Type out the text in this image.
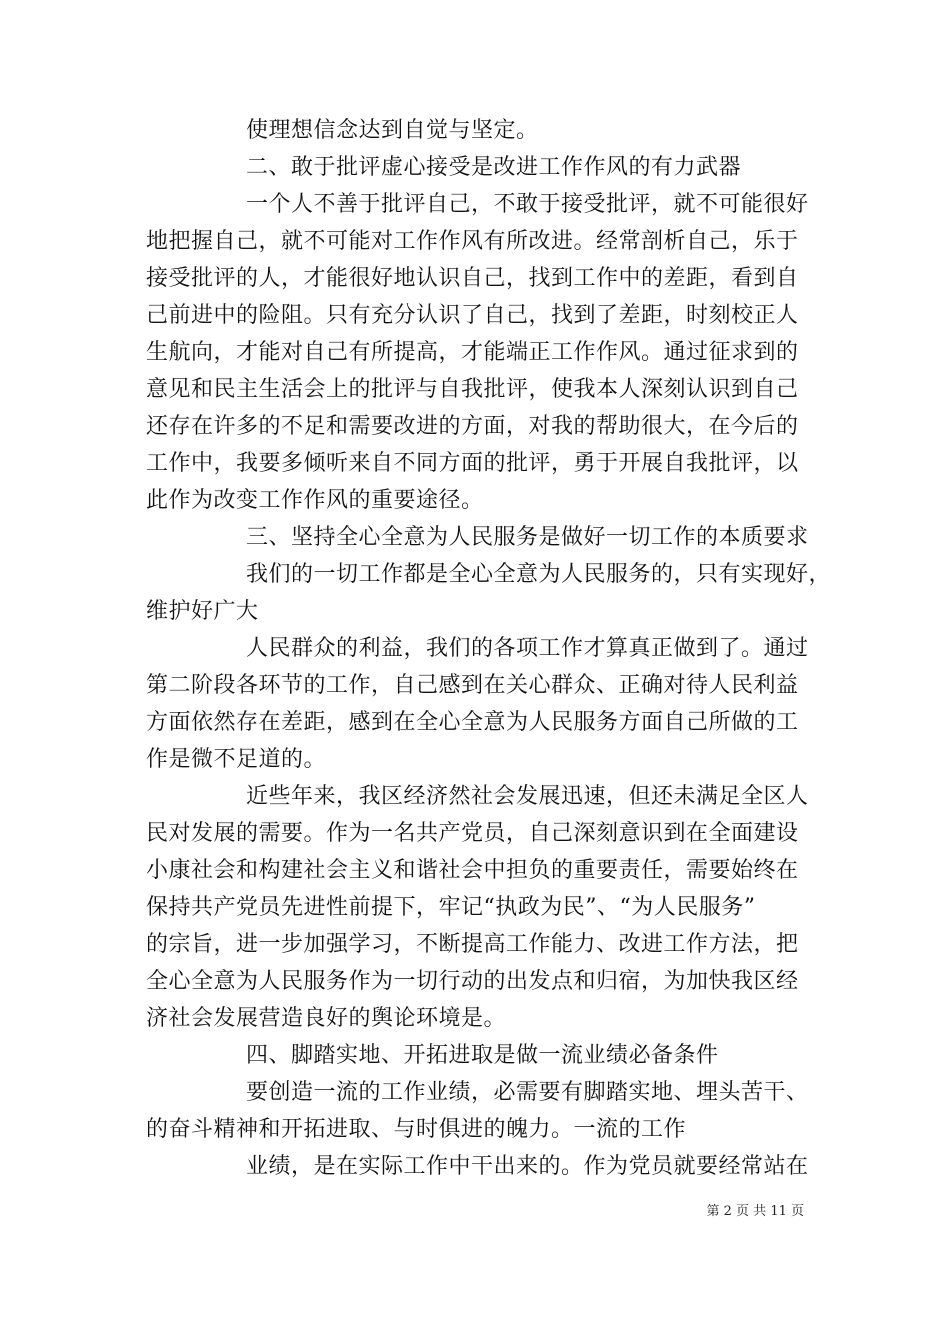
使理想信念达到自觉与坚定。
二、敢于批评虚心接受是改进工作作风的有力武器
一个人不善于批评自己，不敢于接受批评，就不可能很好
地把握自己，就不可能对工作作风有所改进。经常剖析自己，乐于
接受批评的人，才能很好地认识自己，找到工作中的差距，看到自
己前进中的险阻。只有充分认识了自己，找到了差距，时刻校正人
生航向，才能对自己有所提高，才能端正工作作风。通过征求到的
意见和民主生活会上的批评与自我批评，使我本人深刻认识到自己
还存在许多的不足和需要改进的方面，对我的帮助很大，在今后的
工作中，我要多倾听来自不同方面的批评，勇于开展自我批评，以
此作为改变工作作风的重要途径。
三、坚持全心全意为人民服务是做好一切工作的本质要求
我们的一切工作都是全心全意为人民服务的，只有实现好，
维护好广大
人民群众的利益，我们的各项工作才算真正做到了。通过
第二阶段各环节的工作，自己感到在关心群众、正确对待人民利益
方面依然存在差距，感到在全心全意为人民服务方面自己所做的工
作是微不足道的。
近些年来，我区经济然社会发展迅速，但还未满足全区人
民对发展的需要。作为一名共产党员，自己深刻意识到在全面建设
小康社会和构建社会主义和谐社会中担负的重要责任，需要始终在
保持共产党员先进性前提下，牢记“执政为民”、“为人民服务”
的宗旨，进一步加强学习，不断提高工作能力、改进工作方法，把
全心全意为人民服务作为一切行动的出发点和归宿，为加快我区经
济社会发展营造良好的舆论环境是。
四、脚踏实地、开拓进取是做一流业绩必备条件
要创造一流的工作业绩，必需要有脚踏实地、埋头苦干、
的奋斗精神和开拓进取、与时俱进的魄力。一流的工作
业绩，是在实际工作中干出来的。作为党员就要经常站在
第 2 页 共 11 页
